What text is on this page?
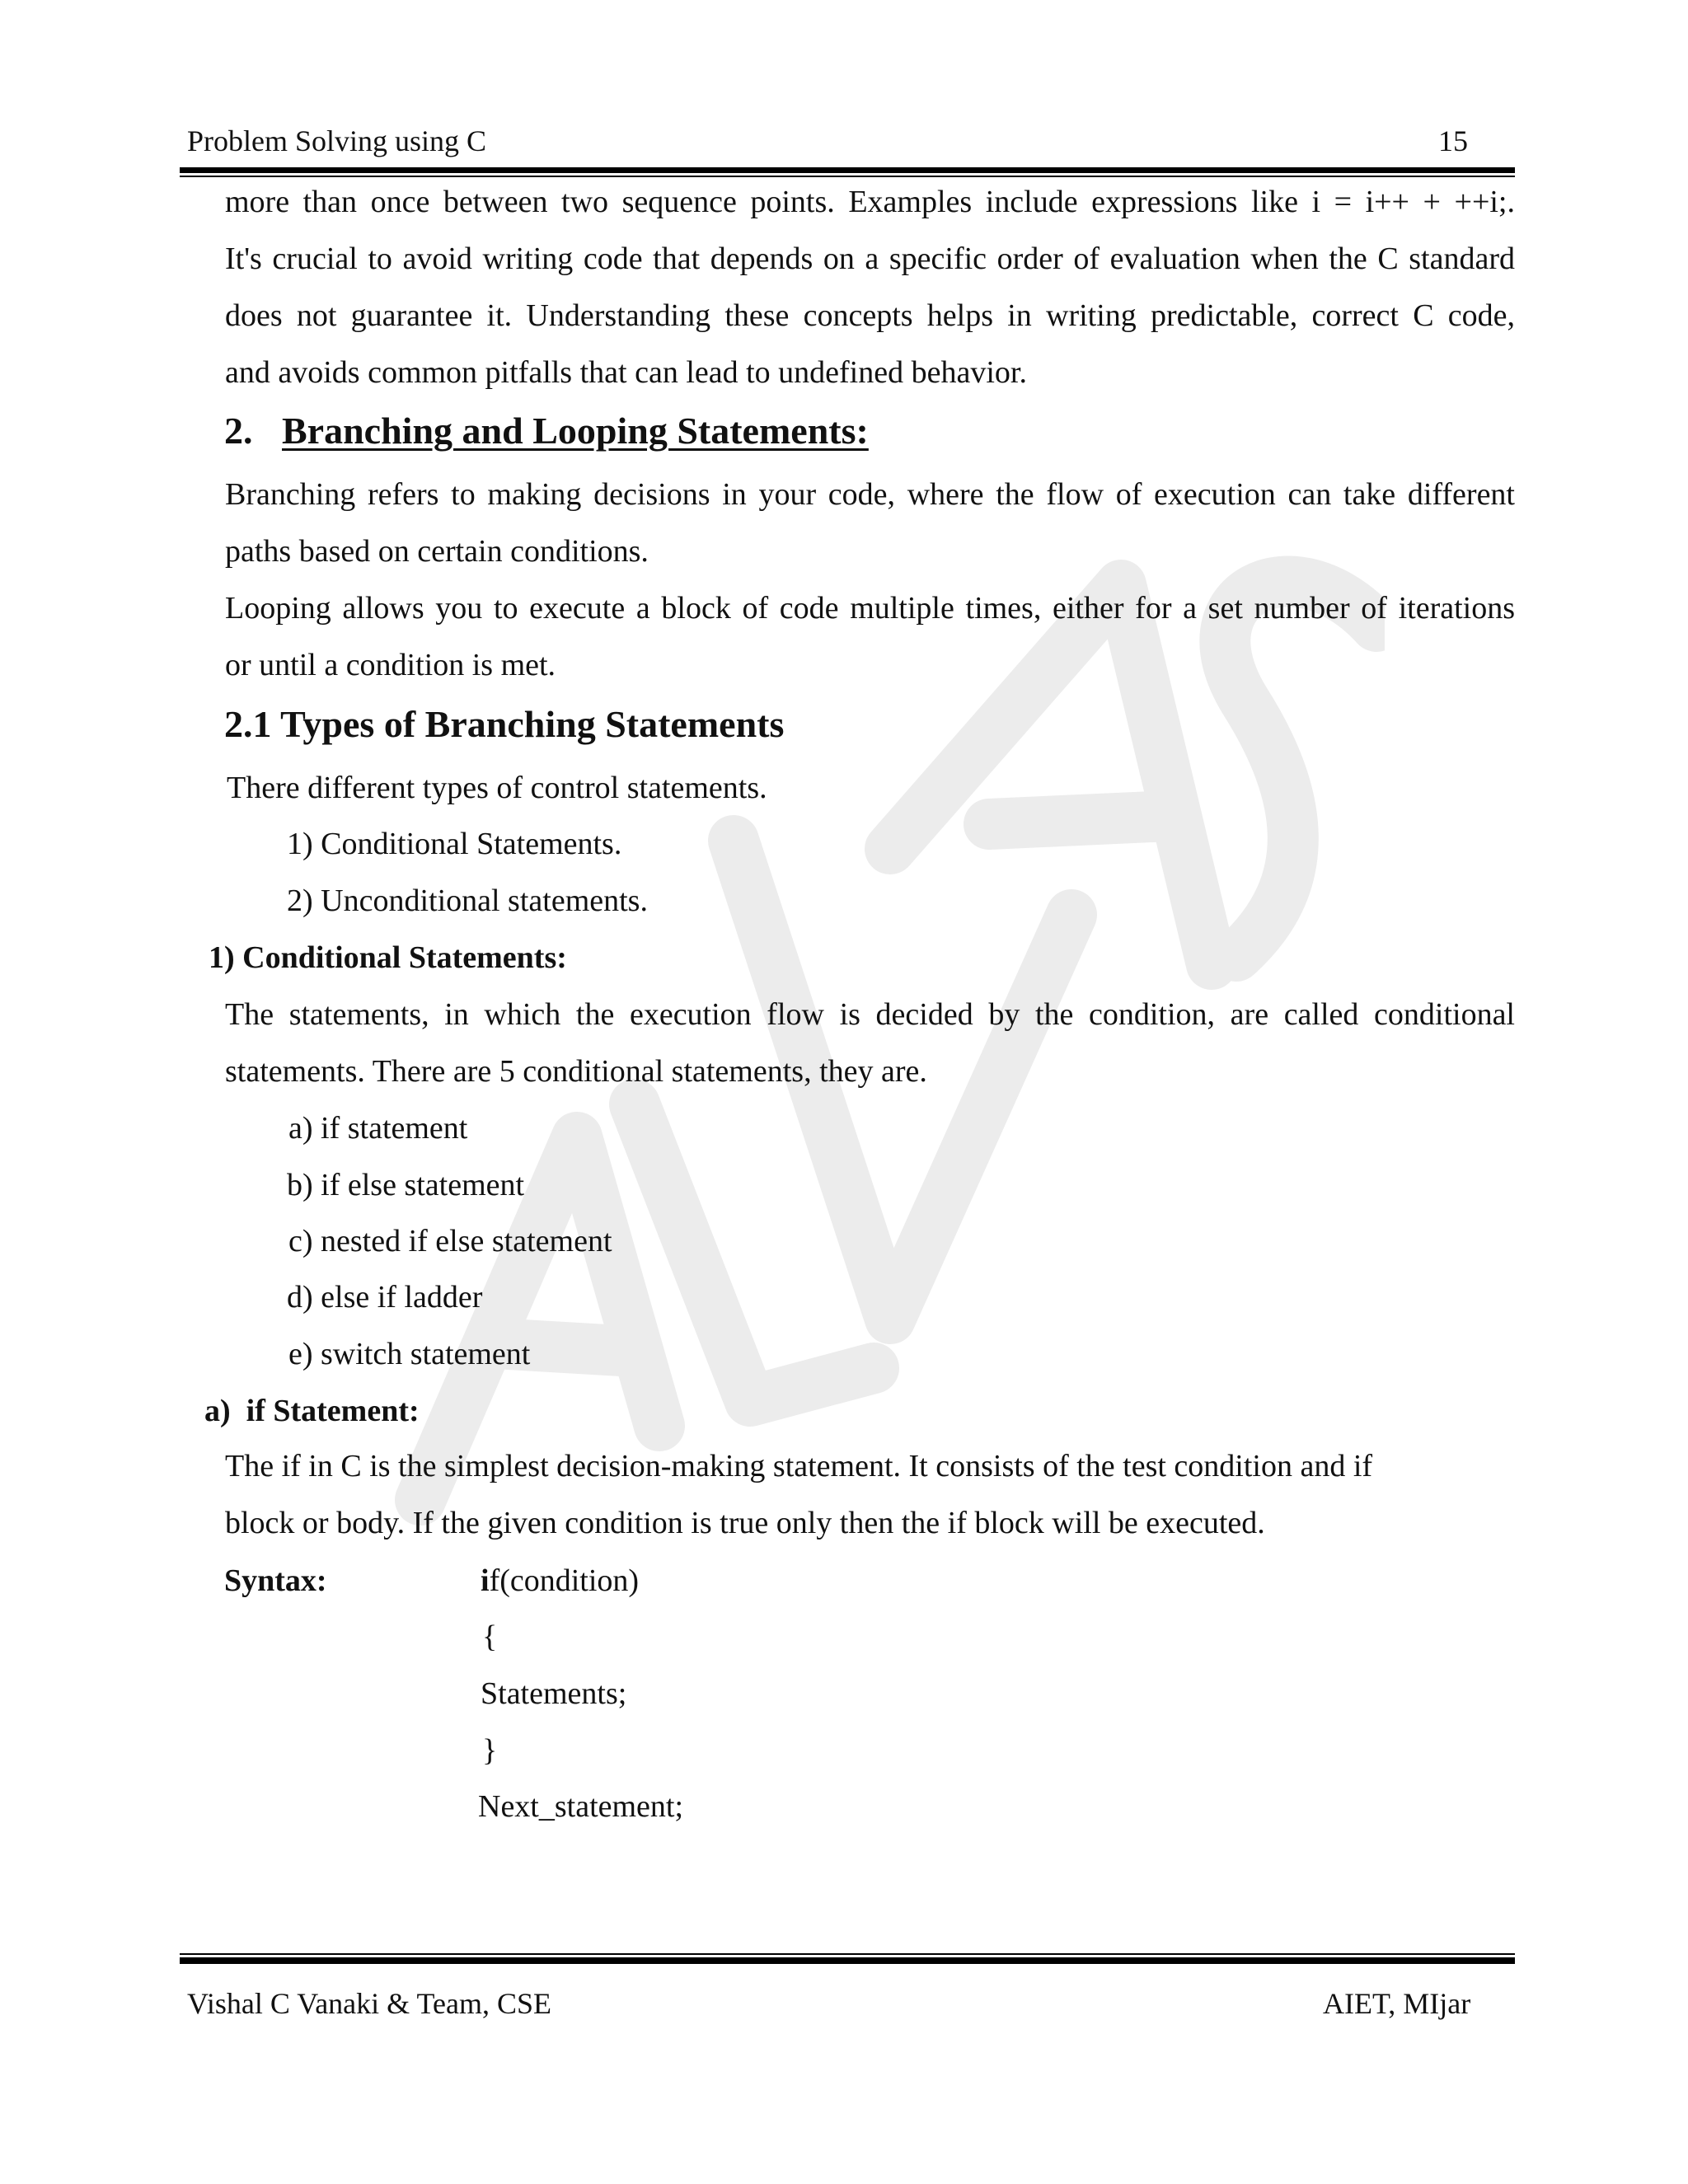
Problem Solving using C	15
more than once between two sequence points. Examples include expressions like i = i++ + ++i;.
It's crucial to avoid writing code that depends on a specific order of evaluation when the C standard
does not guarantee it. Understanding these concepts helps in writing predictable, correct C code,
and avoids common pitfalls that can lead to undefined behavior.
2. Branching and Looping Statements:
Branching refers to making decisions in your code, where the flow of execution can take different
paths based on certain conditions.
Looping allows you to execute a block of code multiple times, either for a set number of iterations
or until a condition is met.
2.1 Types of Branching Statements
There different types of control statements.
1) Conditional Statements.
2) Unconditional statements.
1) Conditional Statements:
The statements, in which the execution flow is decided by the condition, are called conditional
statements. There are 5 conditional statements, they are.
a) if statement
b) if else statement
c) nested if else statement
d) else if ladder
e) switch statement
a)  if Statement:
The if in C is the simplest decision-making statement. It consists of the test condition and if
block or body. If the given condition is true only then the if block will be executed.
Syntax:	if(condition)
{
Statements;
}
Next_statement;
Vishal C Vanaki & Team, CSE	AIET, MIjar
